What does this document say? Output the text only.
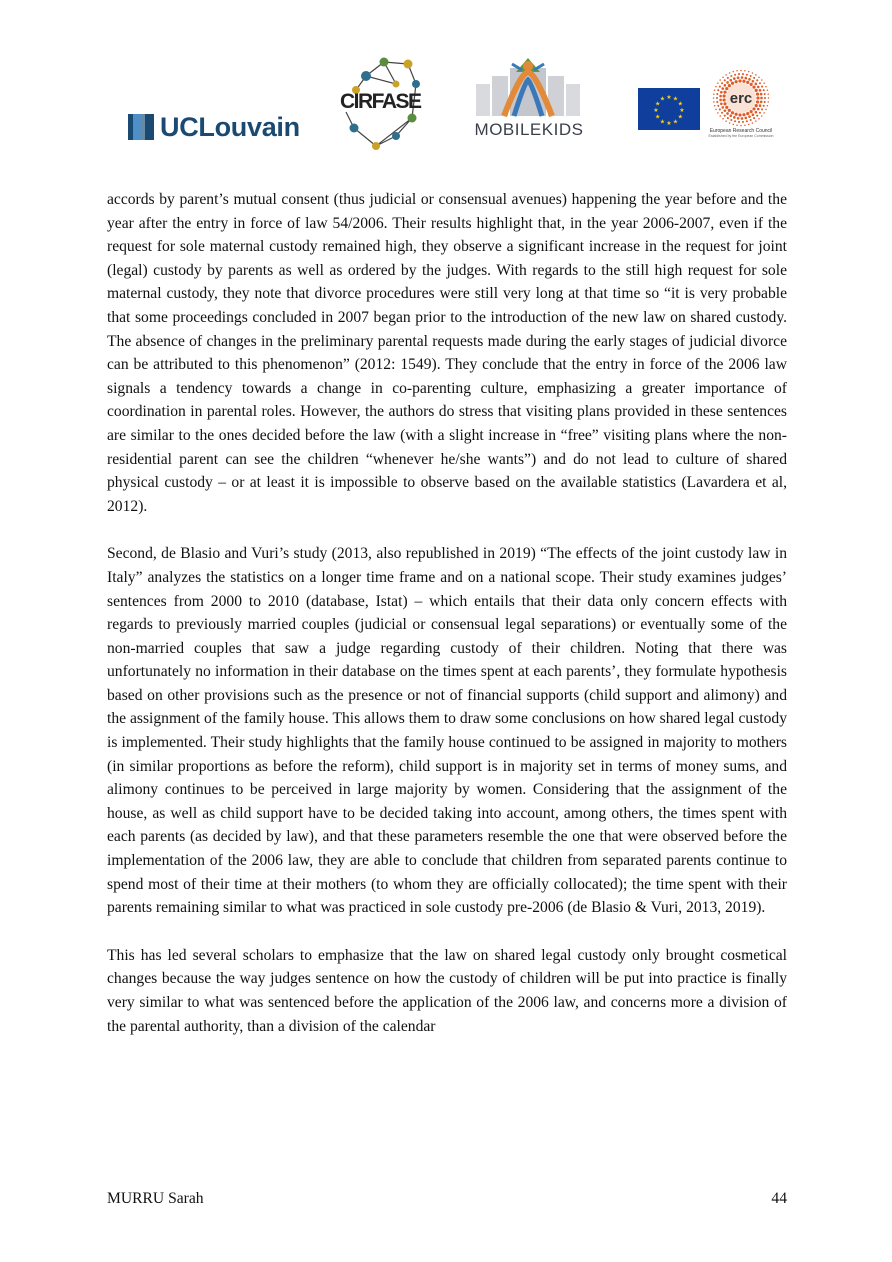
UCLouvain
CIRFASE
MOBILEKIDS
★
★
★
★
★
★
★
★
★ ★ ★
★	erc
European Research Council
Established by the European Commission

accords by parent’s mutual consent (thus judicial or consensual avenues) happening the year before and the year after the entry in force of law 54/2006. Their results highlight that, in the year 2006-2007, even if the request for sole maternal custody remained high, they observe a significant increase in the request for joint (legal) custody by parents as well as ordered by the judges. With regards to the still high request for sole maternal custody, they note that divorce procedures were still very long at that time so “it is very probable that some proceedings concluded in 2007 began prior to the introduction of the new law on shared custody. The absence of changes in the preliminary parental requests made during the early stages of judicial divorce can be attributed to this phenomenon” (2012: 1549). They conclude that the entry in force of the 2006 law signals a tendency towards a change in co-parenting culture, emphasizing a greater importance of coordination in parental roles. However, the authors do stress that visiting plans provided in these sentences are similar to the ones decided before the law (with a slight increase in “free” visiting plans where the non-residential parent can see the children “whenever he/she wants”) and do not lead to culture of shared physical custody – or at least it is impossible to observe based on the available statistics (Lavardera et al, 2012).

Second, de Blasio and Vuri’s study (2013, also republished in 2019) “The effects of the joint custody law in Italy” analyzes the statistics on a longer time frame and on a national scope. Their study examines judges’ sentences from 2000 to 2010 (database, Istat) – which entails that their data only concern effects with regards to previously married couples (judicial or consensual legal separations) or eventually some of the non-married couples that saw a judge regarding custody of their children. Noting that there was unfortunately no information in their database on the times spent at each parents’, they formulate hypothesis based on other provisions such as the presence or not of financial supports (child support and alimony) and the assignment of the family house. This allows them to draw some conclusions on how shared legal custody is implemented. Their study highlights that the family house continued to be assigned in majority to mothers (in similar proportions as before the reform), child support is in majority set in terms of money sums, and alimony continues to be perceived in large majority by women. Considering that the assignment of the house, as well as child support have to be decided taking into account, among others, the times spent with each parents (as decided by law), and that these parameters resemble the one that were observed before the implementation of the 2006 law, they are able to conclude that children from separated parents continue to spend most of their time at their mothers (to whom they are officially collocated); the time spent with their parents remaining similar to what was practiced in sole custody pre-2006 (de Blasio & Vuri, 2013, 2019).

This has led several scholars to emphasize that the law on shared legal custody only brought cosmetical changes because the way judges sentence on how the custody of children will be put into practice is finally very similar to what was sentenced before the application of the 2006 law, and concerns more a division of the parental authority, than a division of the calendar

MURRU Sarah	44
